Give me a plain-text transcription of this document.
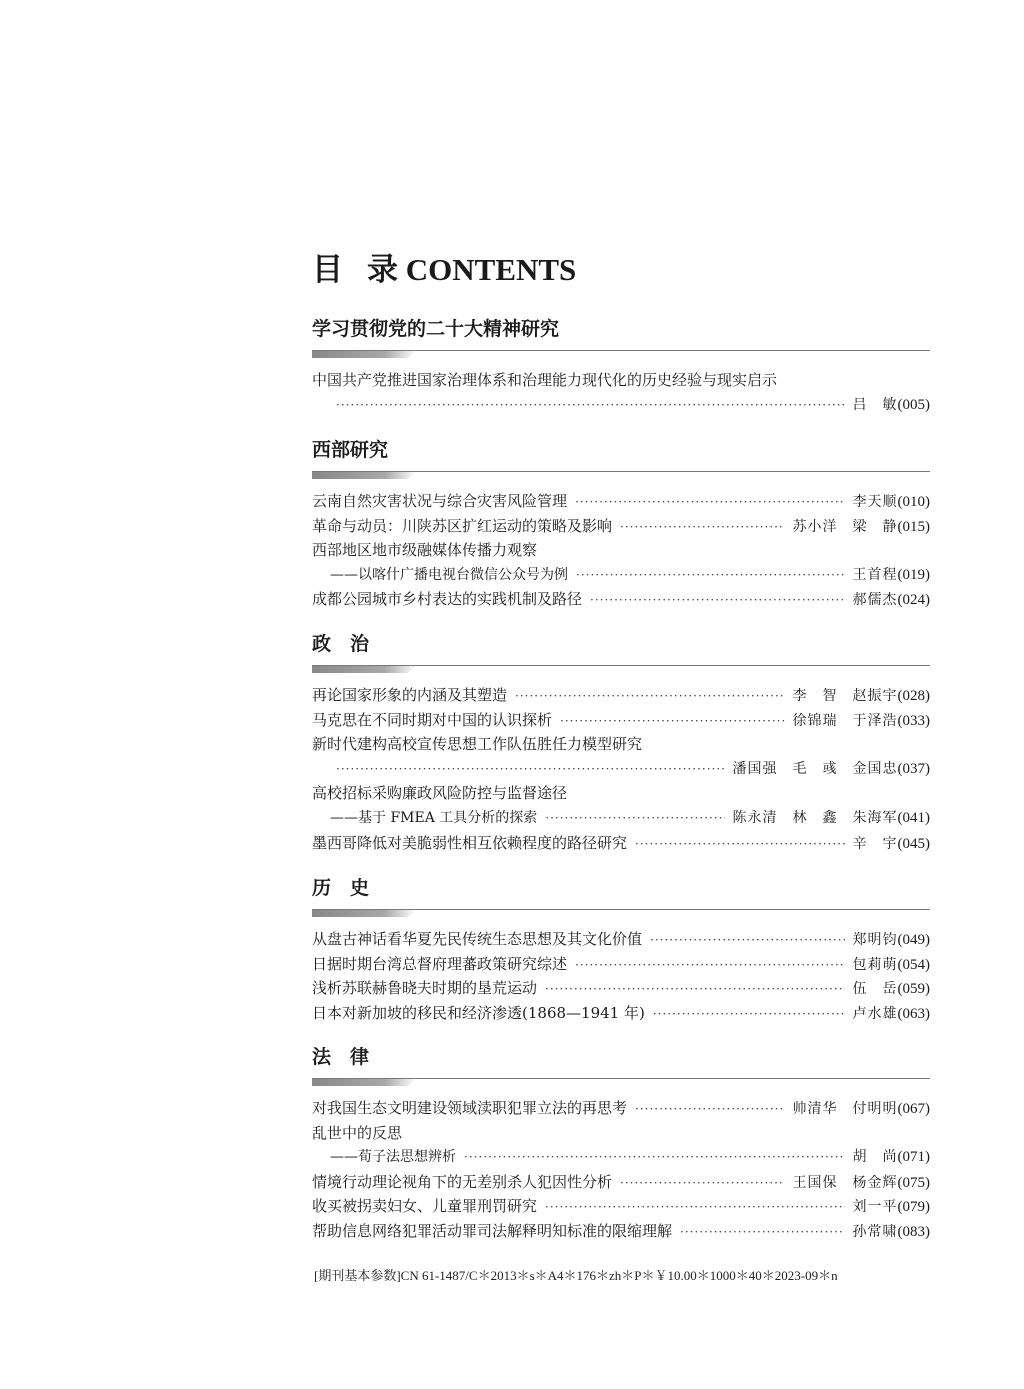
目 录 CONTENTS
学习贯彻党的二十大精神研究
中国共产党推进国家治理体系和治理能力现代化的历史经验与现实启示
·····
吕　敏 (005)
西部研究
云南自然灾害状况与综合灾害风险管理 ·····	李天顺 (010)
革命与动员：川陕苏区扩红运动的策略及影响 ·····	苏小洋　梁　静 (015)
西部地区地市级融媒体传播力观察
——以喀什广播电视台微信公众号为例 ·····	王首程 (019)
成都公园城市乡村表达的实践机制及路径 ·····	郝儒杰 (024)
政　治
再论国家形象的内涵及其塑造 ·····	李　智　赵振宇 (028)
马克思在不同时期对中国的认识探析 ·····	徐锦瑞　于泽浩 (033)
新时代建构高校宣传思想工作队伍胜任力模型研究
·····
潘国强　毛　彧　金国忠 (037)
高校招标采购廉政风险防控与监督途径
——基于 FMEA 工具分析的探索 ·····	陈永清　林　鑫　朱海军 (041)
墨西哥降低对美脆弱性相互依赖程度的路径研究 ·····	辛　宇 (045)
历　史
从盘古神话看华夏先民传统生态思想及其文化价值 ·····	郑明钧 (049)
日据时期台湾总督府理蕃政策研究综述 ·····	包莉萌 (054)
浅析苏联赫鲁晓夫时期的垦荒运动 ·····	伍　岳 (059)
日本对新加坡的移民和经济渗透(1868—1941 年) ·····	卢水雄 (063)
法　律
对我国生态文明建设领域渎职犯罪立法的再思考 ·····	帅清华　付明明 (067)
乱世中的反思
——荀子法思想辨析 ·····	胡　尚 (071)
情境行动理论视角下的无差别杀人犯因性分析 ·····	王国保　杨金辉 (075)
收买被拐卖妇女、儿童罪刑罚研究 ·····	刘一平 (079)
帮助信息网络犯罪活动罪司法解释明知标准的限缩理解 ·····	孙常啸 (083)
[期刊基本参数]CN 61-1487/C＊2013＊s＊A4＊176＊zh＊P＊￥10.00＊1000＊40＊2023-09＊n
